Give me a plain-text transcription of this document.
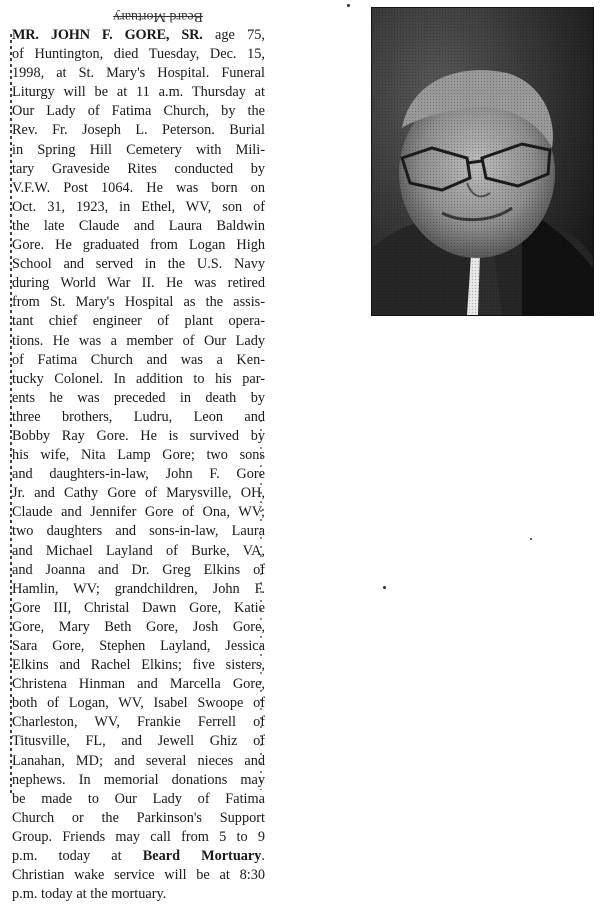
Beard Mortuary

MR. JOHN F. GORE, SR. age 75,
of Huntington, died Tuesday, Dec. 15,
1998, at St. Mary's Hospital. Funeral
Liturgy will be at 11 a.m. Thursday at
Our Lady of Fatima Church, by the
Rev. Fr. Joseph L. Peterson. Burial
in Spring Hill Cemetery with Mili-
tary Graveside Rites conducted by
V.F.W. Post 1064. He was born on
Oct. 31, 1923, in Ethel, WV, son of
the late Claude and Laura Baldwin
Gore. He graduated from Logan High
School and served in the U.S. Navy
during World War II. He was retired
from St. Mary's Hospital as the assis-
tant chief engineer of plant opera-
tions. He was a member of Our Lady
of Fatima Church and was a Ken-
tucky Colonel. In addition to his par-
ents he was preceded in death by
three brothers, Ludru, Leon and
Bobby Ray Gore. He is survived by
his wife, Nita Lamp Gore; two sons
and daughters-in-law, John F. Gore
Jr. and Cathy Gore of Marysville, OH,
Claude and Jennifer Gore of Ona, WV;
two daughters and sons-in-law, Laura
and Michael Layland of Burke, VA,
and Joanna and Dr. Greg Elkins of
Hamlin, WV; grandchildren, John F.
Gore III, Christal Dawn Gore, Katie
Gore, Mary Beth Gore, Josh Gore,
Sara Gore, Stephen Layland, Jessica
Elkins and Rachel Elkins; five sisters,
Christena Hinman and Marcella Gore,
both of Logan, WV, Isabel Swoope of
Charleston, WV, Frankie Ferrell of
Titusville, FL, and Jewell Ghiz of
Lanahan, MD; and several nieces and
nephews. In memorial donations may
be made to Our Lady of Fatima
Church or the Parkinson's Support
Group. Friends may call from 5 to 9
p.m. today at Beard Mortuary.
Christian wake service will be at 8:30
p.m. today at the mortuary.
